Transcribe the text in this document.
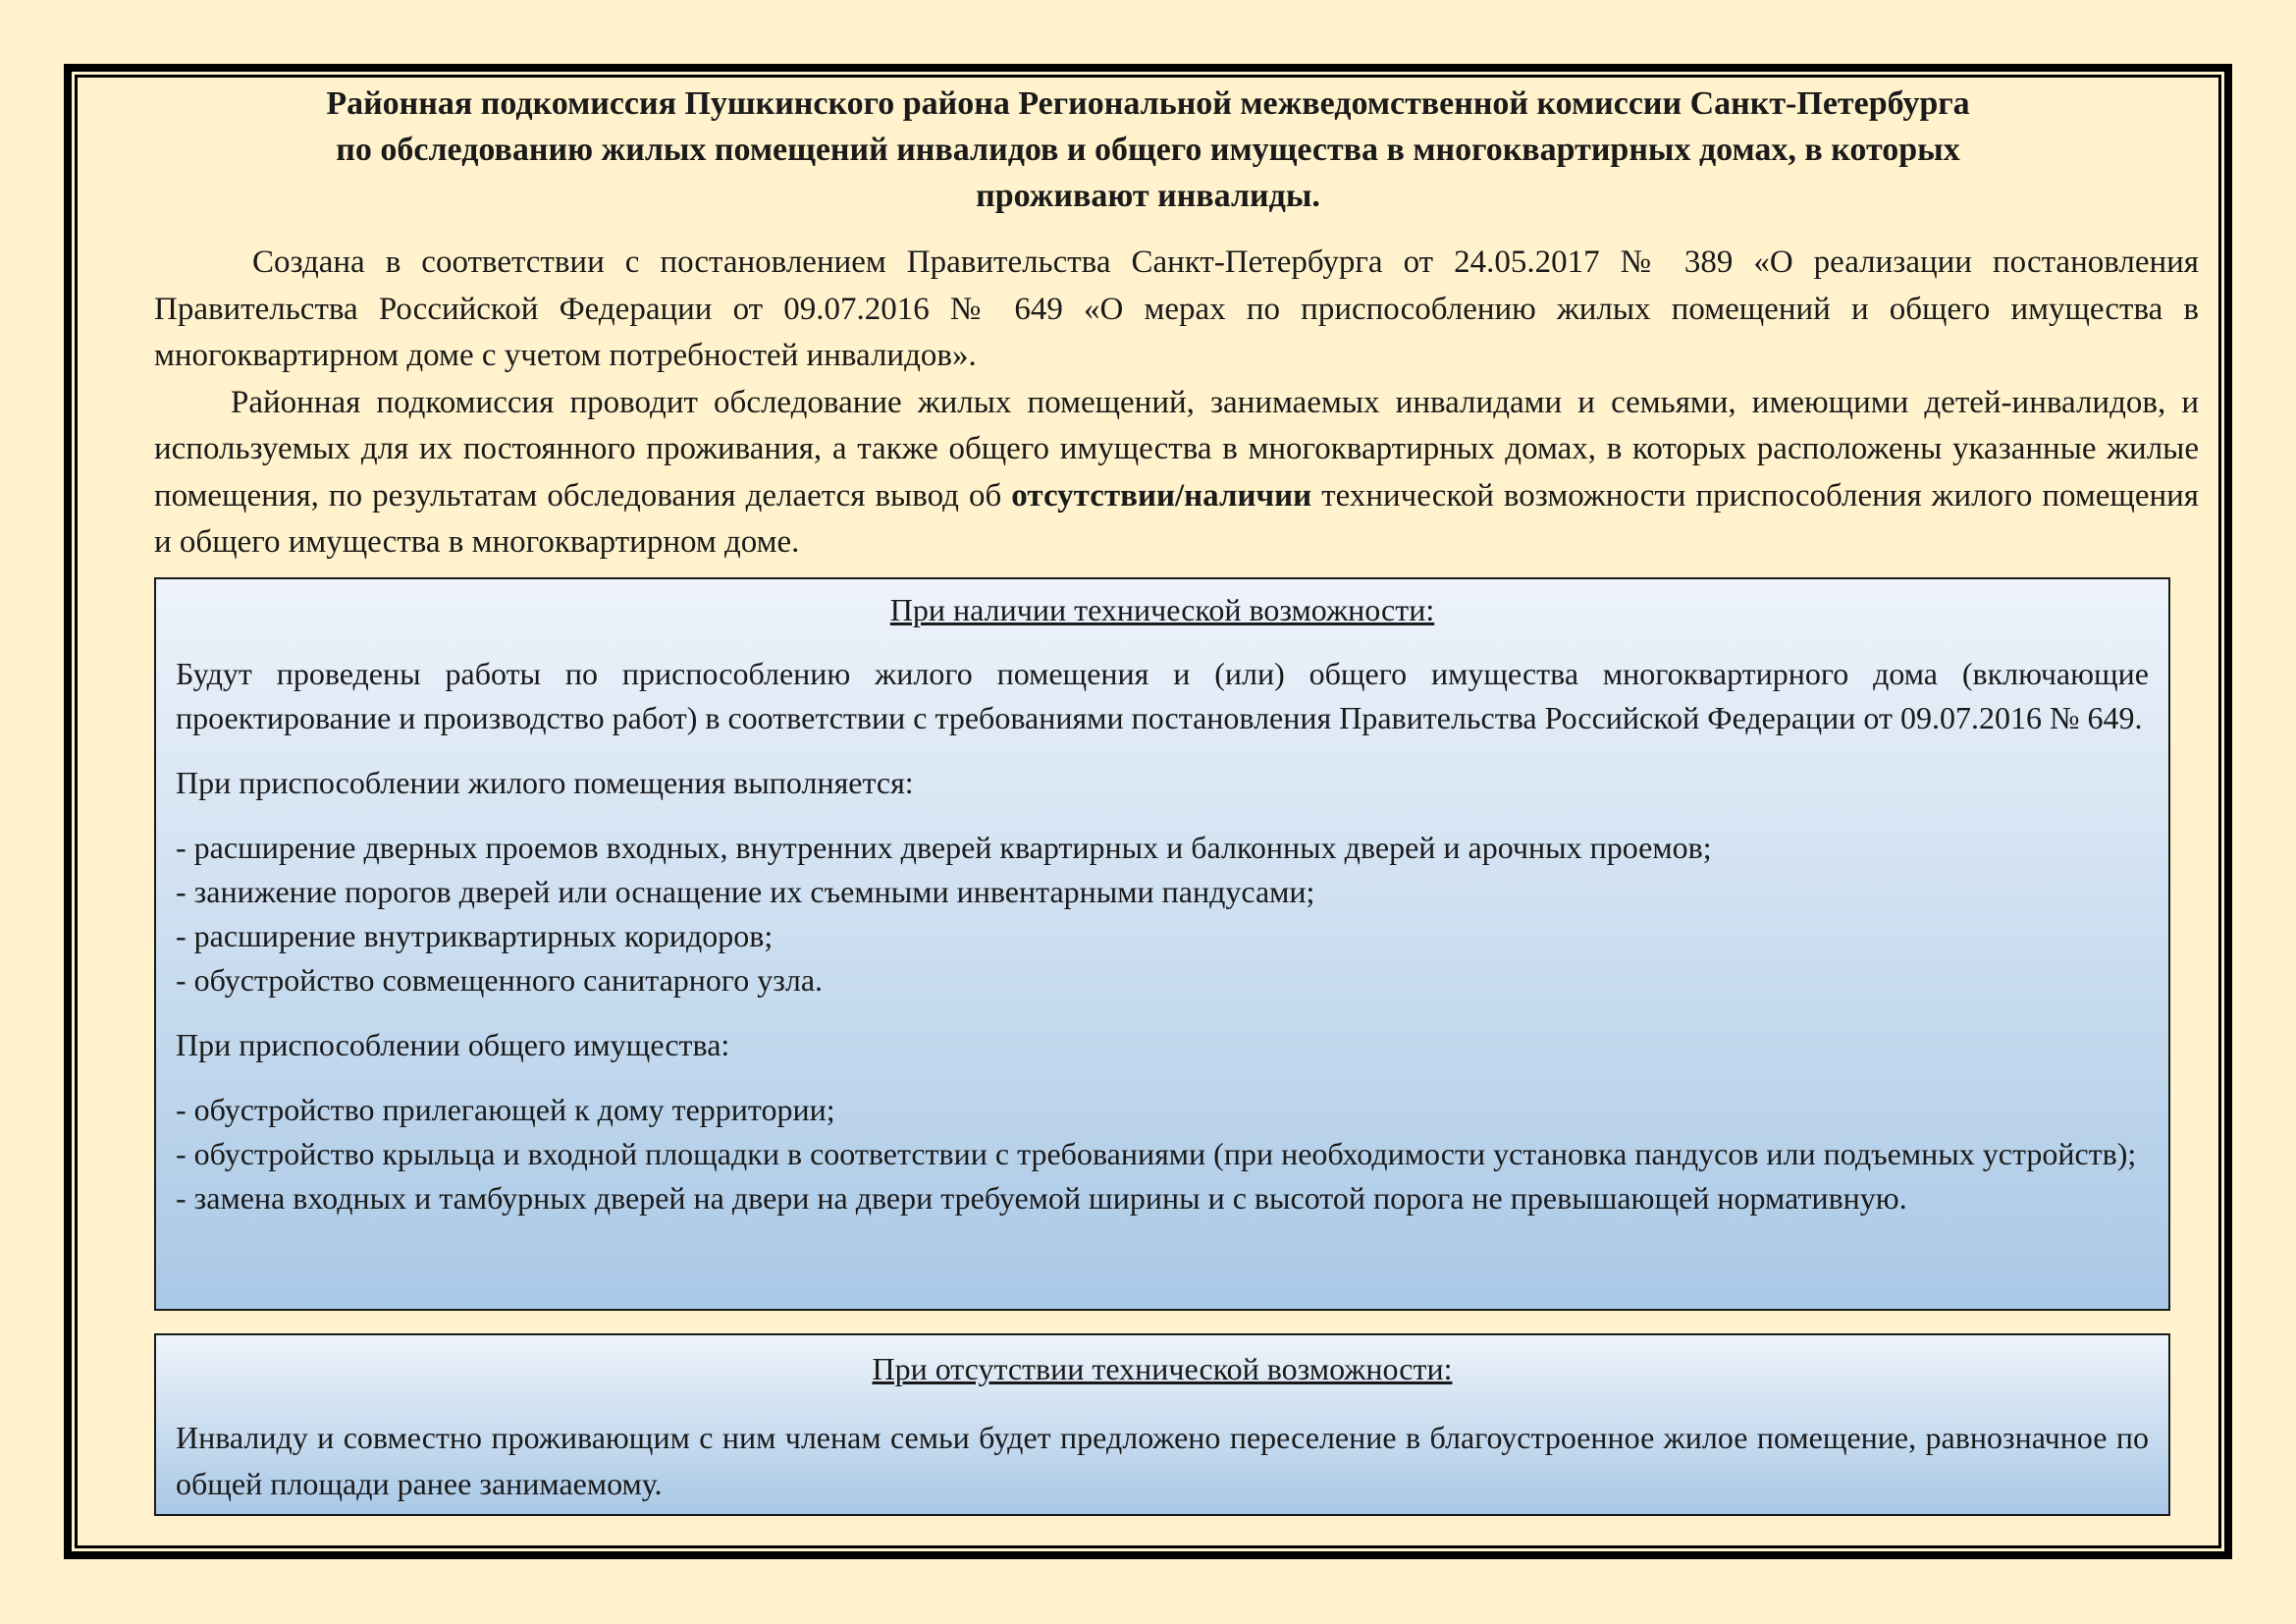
Районная подкомиссия Пушкинского района Региональной межведомственной комиссии Санкт-Петербурга
по обследованию жилых помещений инвалидов и общего имущества в многоквартирных домах, в которых
проживают инвалиды.

Создана в соответствии с постановлением Правительства Санкт-Петербурга от 24.05.2017 № 389 «О реализации постановления Правительства Российской Федерации от 09.07.2016 № 649 «О мерах по приспособлению жилых помещений и общего имущества в многоквартирном доме с учетом потребностей инвалидов».

Районная подкомиссия проводит обследование жилых помещений, занимаемых инвалидами и семьями, имеющими детей-инвалидов, и используемых для их постоянного проживания, а также общего имущества в многоквартирных домах, в которых расположены указанные жилые помещения, по результатам обследования делается вывод об отсутствии/наличии технической возможности приспособления жилого помещения и общего имущества в многоквартирном доме.

При наличии технической возможности:

Будут проведены работы по приспособлению жилого помещения и (или) общего имущества многоквартирного дома (включающие проектирование и производство работ) в соответствии с требованиями постановления Правительства Российской Федерации от 09.07.2016 № 649.

При приспособлении жилого помещения выполняется:

- расширение дверных проемов входных, внутренних дверей квартирных и балконных дверей и арочных проемов;
- занижение порогов дверей или оснащение их съемными инвентарными пандусами;
- расширение внутриквартирных коридоров;
- обустройство совмещенного санитарного узла.

При приспособлении общего имущества:

- обустройство прилегающей к дому территории;
- обустройство крыльца и входной площадки в соответствии с требованиями (при необходимости установка пандусов или подъемных устройств);
- замена входных и тамбурных дверей на двери на двери требуемой ширины и с высотой порога не превышающей нормативную.
При отсутствии технической возможности:

Инвалиду и совместно проживающим с ним членам семьи будет предложено переселение в благоустроенное жилое помещение, равнозначное по общей площади ранее занимаемому.
